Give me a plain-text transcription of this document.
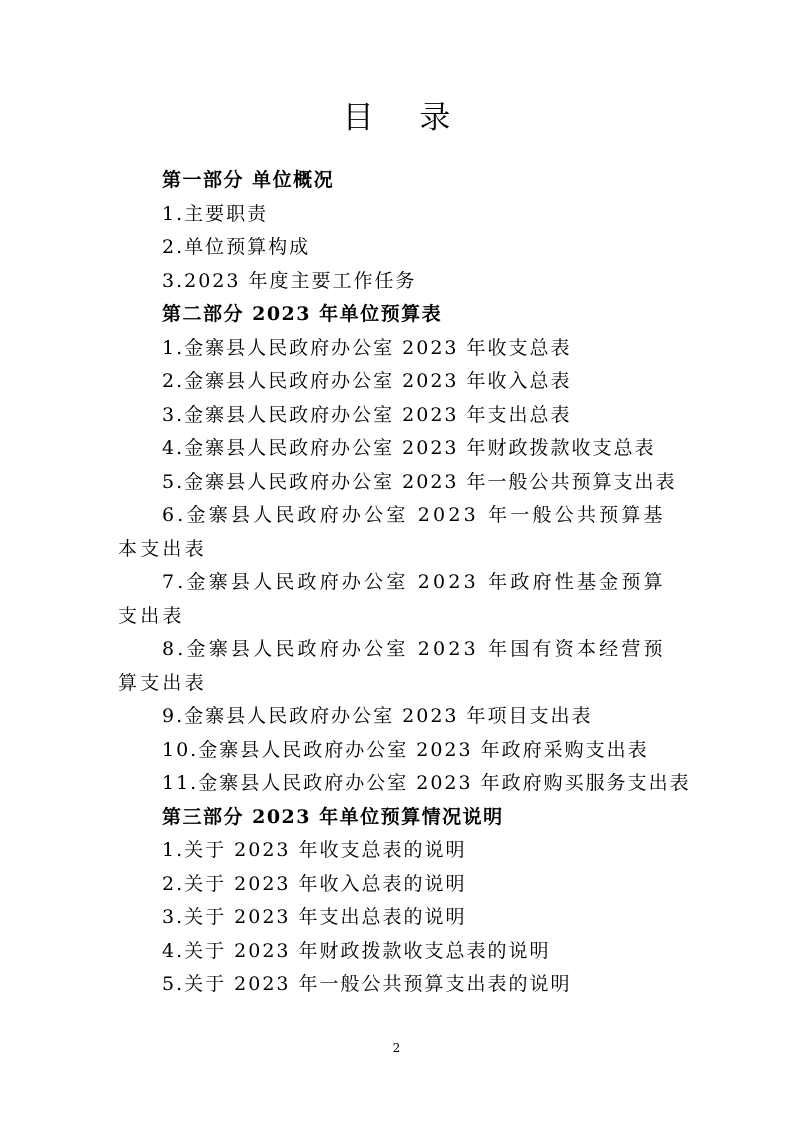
目 录
第一部分 单位概况
1.主要职责
2.单位预算构成
3.2023 年度主要工作任务
第二部分 2023 年单位预算表
1.金寨县人民政府办公室 2023 年收支总表
2.金寨县人民政府办公室 2023 年收入总表
3.金寨县人民政府办公室 2023 年支出总表
4.金寨县人民政府办公室 2023 年财政拨款收支总表
5.金寨县人民政府办公室 2023 年一般公共预算支出表
6.金寨县人民政府办公室 2023 年一般公共预算基本支出表
7.金寨县人民政府办公室 2023 年政府性基金预算支出表
8.金寨县人民政府办公室 2023 年国有资本经营预算支出表
9.金寨县人民政府办公室 2023 年项目支出表
10.金寨县人民政府办公室 2023 年政府采购支出表
11.金寨县人民政府办公室 2023 年政府购买服务支出表
第三部分 2023 年单位预算情况说明
1.关于 2023 年收支总表的说明
2.关于 2023 年收入总表的说明
3.关于 2023 年支出总表的说明
4.关于 2023 年财政拨款收支总表的说明
5.关于 2023 年一般公共预算支出表的说明
2
